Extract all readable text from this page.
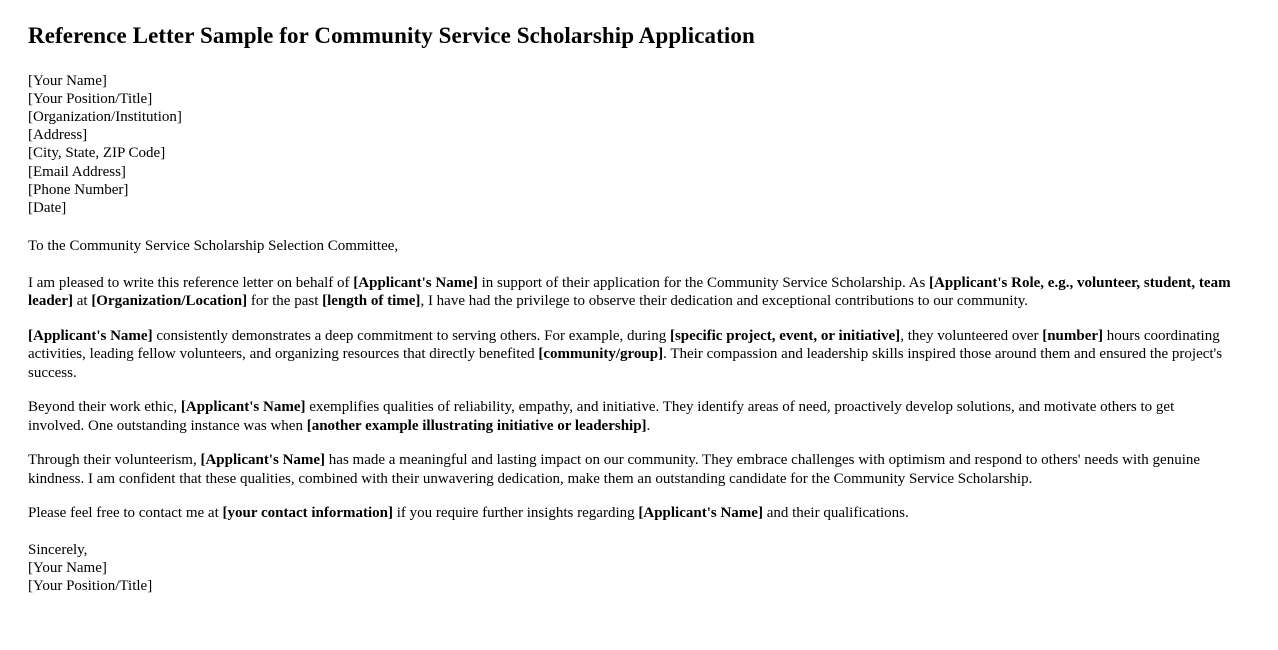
Reference Letter Sample for Community Service Scholarship Application
[Your Name]
[Your Position/Title]
[Organization/Institution]
[Address]
[City, State, ZIP Code]
[Email Address]
[Phone Number]
[Date]
To the Community Service Scholarship Selection Committee,

I am pleased to write this reference letter on behalf of [Applicant's Name] in support of their application for the Community Service Scholarship. As [Applicant's Role, e.g., volunteer, student, team leader] at [Organization/Location] for the past [length of time], I have had the privilege to observe their dedication and exceptional contributions to our community.

[Applicant's Name] consistently demonstrates a deep commitment to serving others. For example, during [specific project, event, or initiative], they volunteered over [number] hours coordinating activities, leading fellow volunteers, and organizing resources that directly benefited [community/group]. Their compassion and leadership skills inspired those around them and ensured the project's success.

Beyond their work ethic, [Applicant's Name] exemplifies qualities of reliability, empathy, and initiative. They identify areas of need, proactively develop solutions, and motivate others to get involved. One outstanding instance was when [another example illustrating initiative or leadership].

Through their volunteerism, [Applicant's Name] has made a meaningful and lasting impact on our community. They embrace challenges with optimism and respond to others' needs with genuine kindness. I am confident that these qualities, combined with their unwavering dedication, make them an outstanding candidate for the Community Service Scholarship.

Please feel free to contact me at [your contact information] if you require further insights regarding [Applicant's Name] and their qualifications.

Sincerely,
[Your Name]
[Your Position/Title]
